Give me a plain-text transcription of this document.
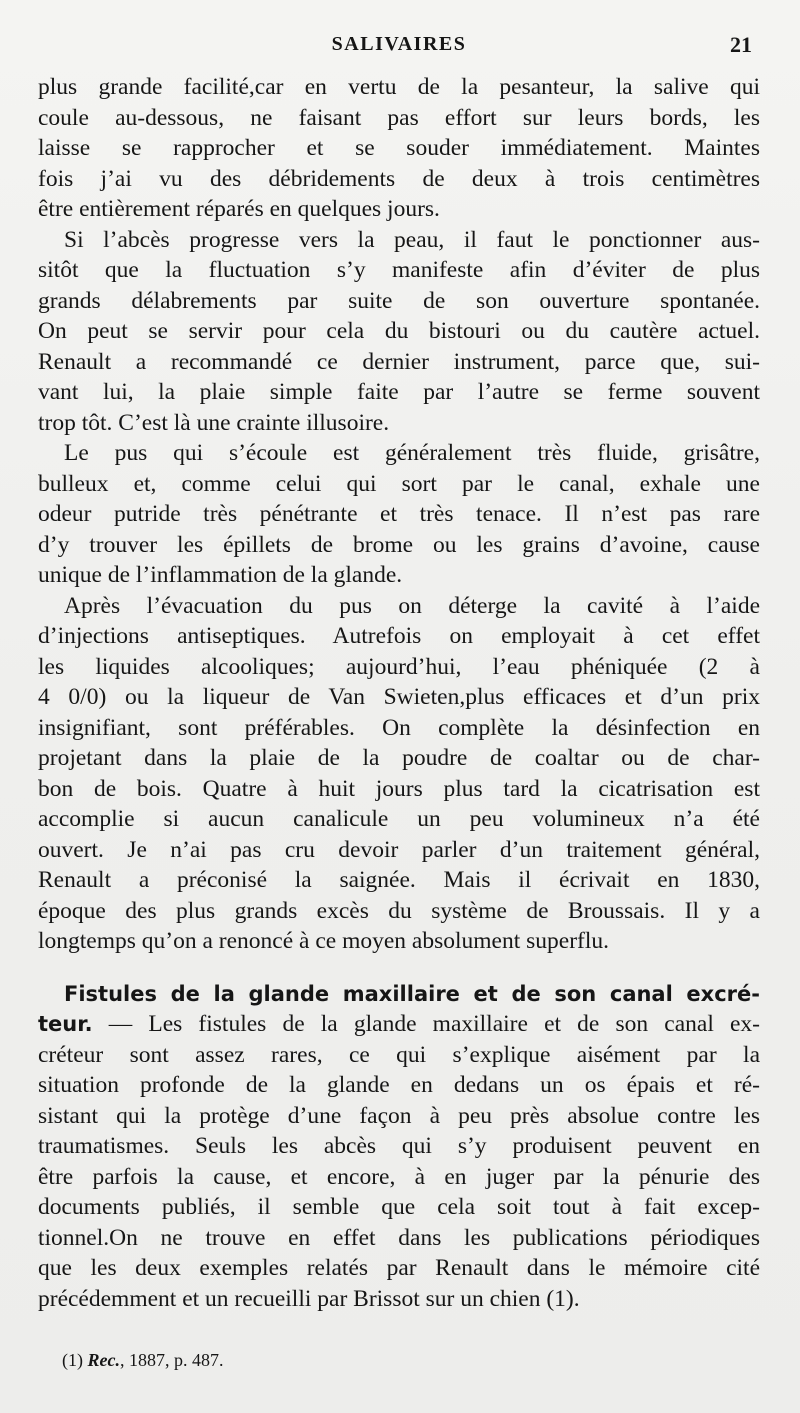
SALIVAIRES	21
plus grande facilité,car en vertu de la pesanteur, la salive qui
coule au-dessous, ne faisant pas effort sur leurs bords, les
laisse se rapprocher et se souder immédiatement. Maintes
fois j’ai vu des débridements de deux à trois centimètres
être entièrement réparés en quelques jours.
Si l’abcès progresse vers la peau, il faut le ponctionner aus-
sitôt que la fluctuation s’y manifeste afin d’éviter de plus
grands délabrements par suite de son ouverture spontanée.
On peut se servir pour cela du bistouri ou du cautère actuel.
Renault a recommandé ce dernier instrument, parce que, sui-
vant lui, la plaie simple faite par l’autre se ferme souvent
trop tôt. C’est là une crainte illusoire.
Le pus qui s’écoule est généralement très fluide, grisâtre,
bulleux et, comme celui qui sort par le canal, exhale une
odeur putride très pénétrante et très tenace. Il n’est pas rare
d’y trouver les épillets de brome ou les grains d’avoine, cause
unique de l’inflammation de la glande.
Après l’évacuation du pus on déterge la cavité à l’aide
d’injections antiseptiques. Autrefois on employait à cet effet
les liquides alcooliques; aujourd’hui, l’eau phéniquée (2 à
4 0/0) ou la liqueur de Van Swieten,plus efficaces et d’un prix
insignifiant, sont préférables. On complète la désinfection en
projetant dans la plaie de la poudre de coaltar ou de char-
bon de bois. Quatre à huit jours plus tard la cicatrisation est
accomplie si aucun canalicule un peu volumineux n’a été
ouvert. Je n’ai pas cru devoir parler d’un traitement général,
Renault a préconisé la saignée. Mais il écrivait en 1830,
époque des plus grands excès du système de Broussais. Il y a
longtemps qu’on a renoncé à ce moyen absolument superflu.
Fistules de la glande maxillaire et de son canal excré-
teur. — Les fistules de la glande maxillaire et de son canal ex-
créteur sont assez rares, ce qui s’explique aisément par la
situation profonde de la glande en dedans un os épais et ré-
sistant qui la protège d’une façon à peu près absolue contre les
traumatismes. Seuls les abcès qui s’y produisent peuvent en
être parfois la cause, et encore, à en juger par la pénurie des
documents publiés, il semble que cela soit tout à fait excep-
tionnel.On ne trouve en effet dans les publications périodiques
que les deux exemples relatés par Renault dans le mémoire cité
précédemment et un recueilli par Brissot sur un chien (1).
(1) Rec., 1887, p. 487.
